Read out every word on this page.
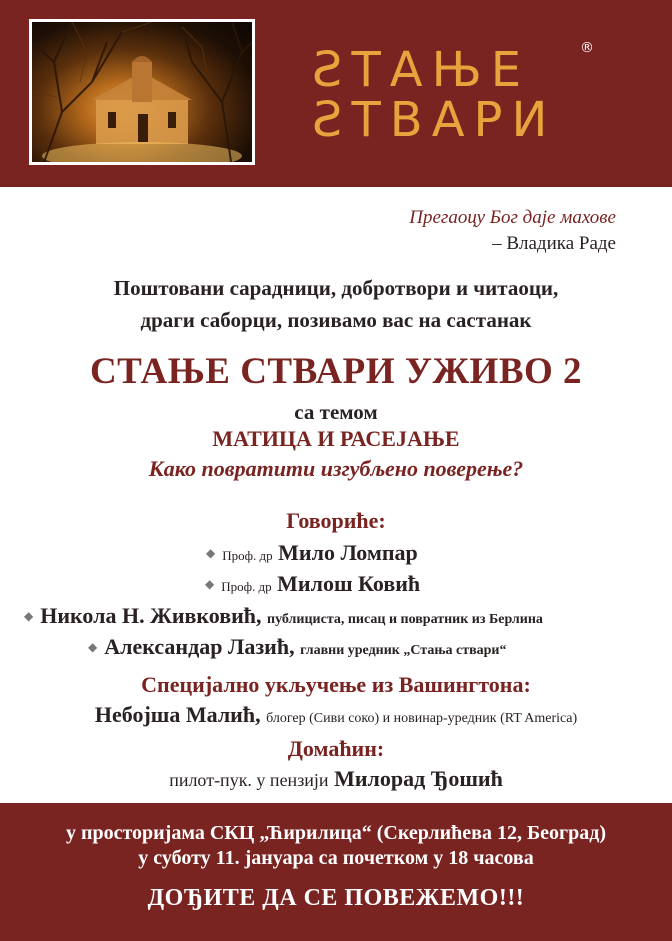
ƧТАЊЕ
ƧТВАРИ
®
Прегаоцу Бог даје махове
– Владика Раде
Поштовани сарадници, добротвори и читаоци,
драги саборци, позивамо вас на састанак
СТАЊЕ СТВАРИ УЖИВО 2
са темом
МАТИЦА И РАСЕЈАЊЕ
Како повратити изгубљено поверење?
Говориће:
◆ Проф. др Мило Ломпар
◆ Проф. др Милош Ковић
◆ Никола Н. Живковић, публициста, писац и повратник из Берлина
◆ Александар Лазић, главни уредник „Стања ствари“
Специјално укључење из Вашингтона:
Небојша Малић, блогер (Сиви соко) и новинар-уредник (RT America)
Домаћин:
пилот-пук. у пензији Милорад Ђошић
у просторијама СКЦ „Ћирилица“ (Скерлићева 12, Београд)
у суботу 11. јануара са почетком у 18 часова
ДОЂИТЕ ДА СЕ ПОВЕЖЕМО!!!
